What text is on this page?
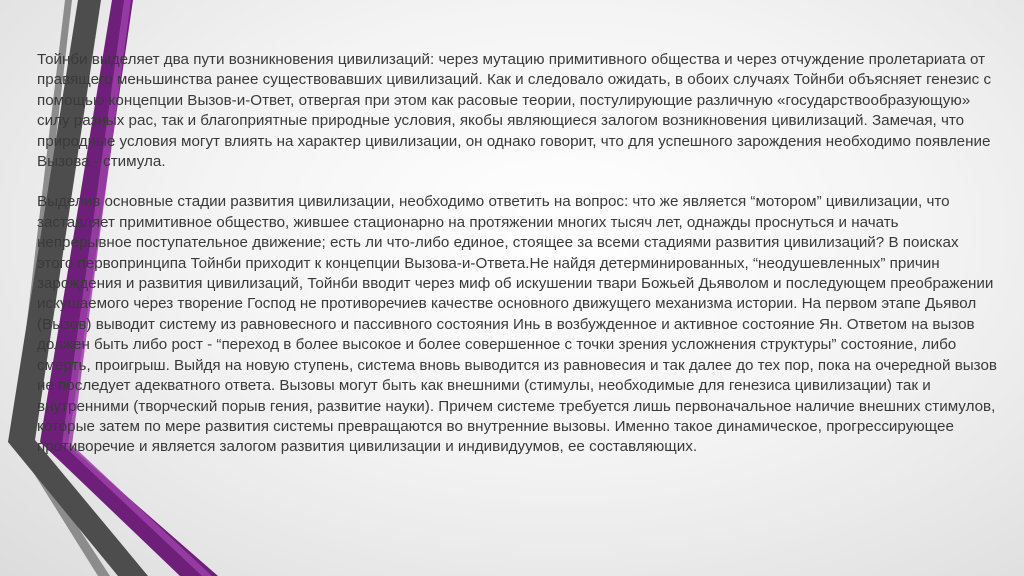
Тойнби выделяет два пути возникновения цивилизаций: через мутацию примитивного общества и через отчуждение пролетариата от правящего меньшинства ранее существовавших цивилизаций. Как и следовало ожидать, в обоих случаях Тойнби объясняет генезис с помощью концепции Вызов-и-Ответ, отвергая при этом как расовые теории, постулирующие различную «государствообразующую» силу разных рас, так и благоприятные природные условия, якобы являющиеся залогом возникновения цивилизаций. Замечая, что природные условия могут влиять на характер цивилизации, он однако говорит, что для успешного зарождения необходимо появление Вызова - стимула.

Выделив основные стадии развития цивилизации, необходимо ответить на вопрос: что же является “мотором” цивилизации, что заставляет примитивное общество, жившее стационарно на протяжении многих тысяч лет, однажды проснуться и начать непрерывное поступательное движение; есть ли что-либо единое, стоящее за всеми стадиями развития цивилизаций? В поисках этого первопринципа Тойнби приходит к концепции Вызова-и-Ответа.Не найдя детерминированных, “неодушевленных” причин зарождения и развития цивилизаций, Тойнби вводит через миф об искушении твари Божьей Дьяволом и последующем преображении искушаемого через творение Господ не противоречиев качестве основного движущего механизма истории. На первом этапе Дьявол (Вызов) выводит систему из равновесного и пассивного состояния Инь в возбужденное и активное состояние Ян. Ответом на вызов должен быть либо рост - “переход в более высокое и более совершенное с точки зрения усложнения структуры” состояние, либо смерть, проигрыш. Выйдя на новую ступень, система вновь выводится из равновесия и так далее до тех пор, пока на очередной вызов не последует адекватного ответа. Вызовы могут быть как внешними (стимулы, необходимые для генезиса цивилизации) так и внутренними (творческий порыв гения, развитие науки). Причем системе требуется лишь первоначальное наличие внешних стимулов, которые затем по мере развития системы превращаются во внутренние вызовы. Именно такое динамическое, прогрессирующее противоречие и является залогом развития цивилизации и индивидуумов, ее составляющих.
